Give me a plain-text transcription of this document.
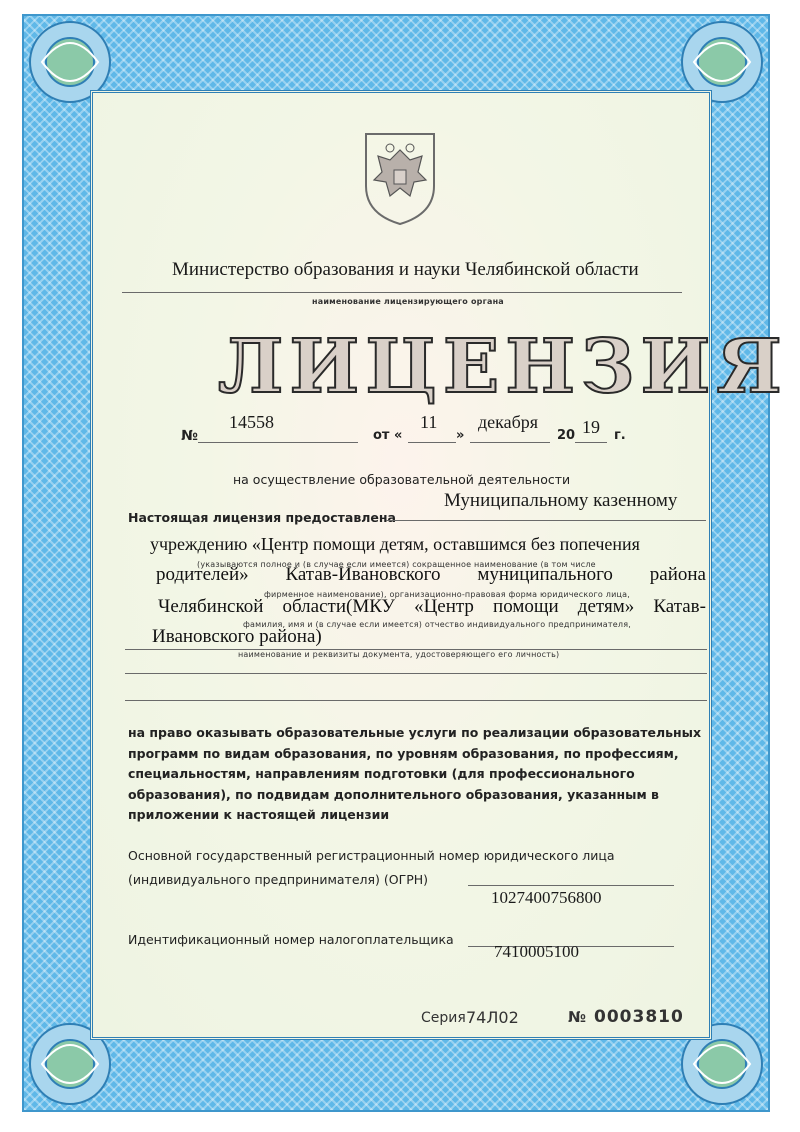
Министерство образования и науки Челябинской области
наименование лицензирующего органа
ЛИЦЕНЗИЯ
№
14558
от «
11
»
декабря
20 19 г.
на осуществление образовательной деятельности
Муниципальному казенному
Настоящая лицензия предоставлена
учреждению «Центр помощи детям, оставшимся без попечения
(указываются полное и (в случае если имеется) сокращенное наименование (в том числе
родителей» Катав-Ивановского муниципального района
фирменное наименование), организационно-правовая форма юридического лица,
Челябинской области(МКУ «Центр помощи детям» Катав-
фамилия, имя и (в случае если имеется) отчество индивидуального предпринимателя,
Ивановского района)
наименование и реквизиты документа, удостоверяющего его личность)
на право оказывать образовательные услуги по реализации образовательных
программ по видам образования, по уровням образования, по профессиям,
специальностям, направлениям подготовки (для профессионального
образования), по подвидам дополнительного образования, указанным в
приложении к настоящей лицензии
Основной государственный регистрационный номер юридического лица
(индивидуального предпринимателя) (ОГРН)
1027400756800
Идентификационный номер налогоплательщика
7410005100
Серия 74Л02	№ 0003810
